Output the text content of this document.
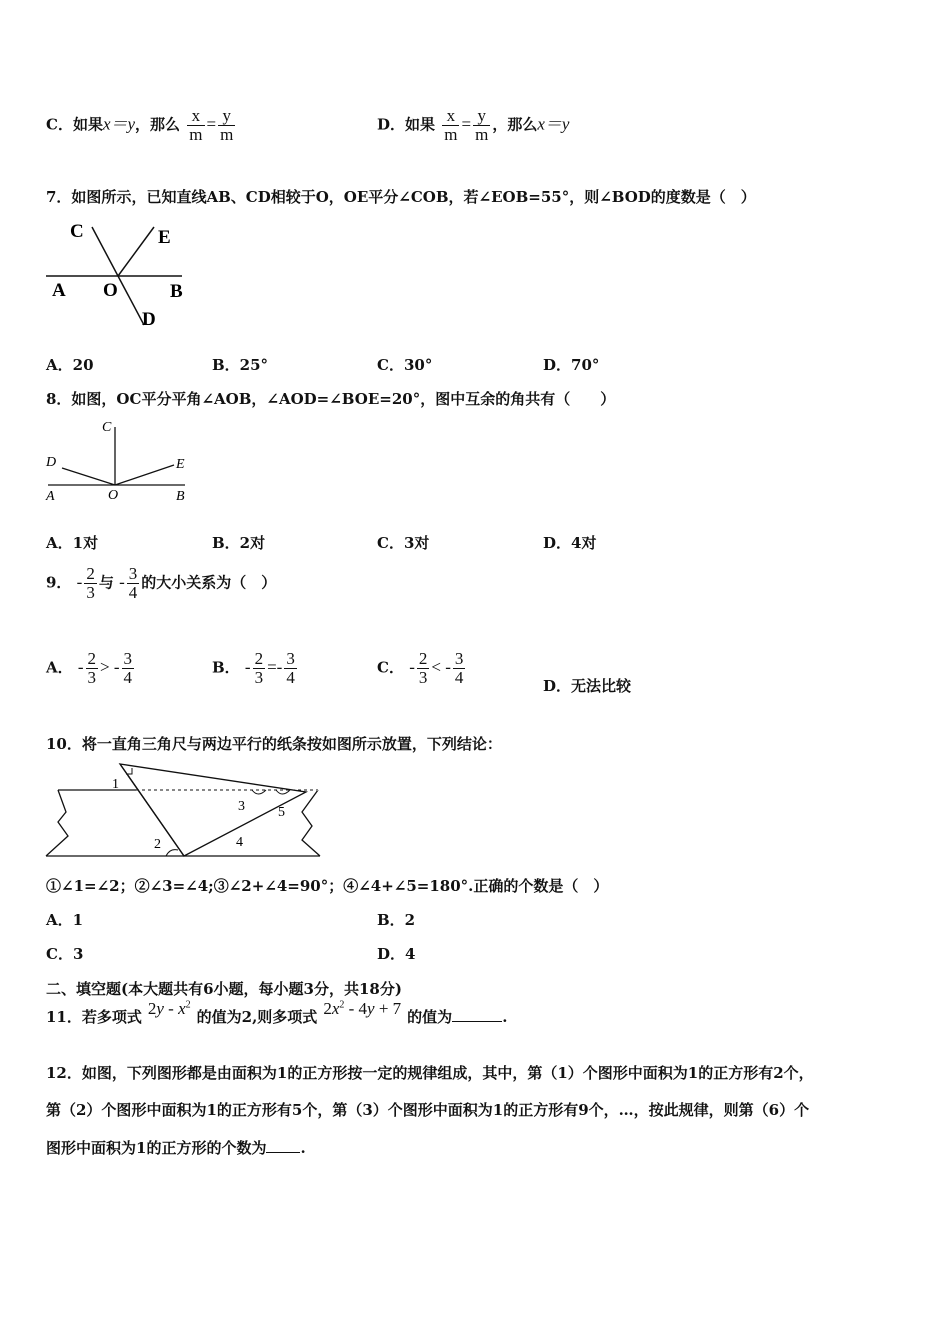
C．如果x＝y，那么 $\frac{x}{m} = \frac{y}{m}$	D．如果 $\frac{x}{m} = \frac{y}{m}$ ，那么x＝y
7．如图所示，已知直线AB、CD相较于O，OE平分∠COB，若∠EOB=55°，则∠BOD的度数是（　）
C	E
A O	B
D
A．20	B．25°	C．30°	D．70°
8．如图，OC平分平角∠AOB，∠AOD=∠BOE=20°，图中互余的角共有（　　）
C
D	E
A	O	B
A．1对	B．2对	C．3对	D．4对
9． - $\frac{2}{3}$ 与 - $\frac{3}{4}$ 的大小关系为（　）
A． - $\frac{2}{3}$ > - $\frac{3}{4}$	B． - $\frac{2}{3} =- \frac{3}{4}$	C． - $\frac{2}{3}$ < - $\frac{3}{4}$	D．无法比较
10．将一直角三角尺与两边平行的纸条按如图所示放置，下列结论：
1
2
3
4
5
①∠1=∠2；②∠3=∠4;③∠2+∠4=90°；④∠4+∠5=180°.正确的个数是（　）
A．1	B．2
C．3	D．4
二、填空题(本大题共有6小题，每小题3分，共18分)
11．若多项式 $2y - x^2$的值为2,则多项式 $2x^2 - 4y + 7$ 的值为	.
12．如图，下列图形都是由面积为1的正方形按一定的规律组成，其中，第（1）个图形中面积为1的正方形有2个，
第（2）个图形中面积为1的正方形有5个，第（3）个图形中面积为1的正方形有9个，…，按此规律，则第（6）个
图形中面积为1的正方形的个数为 .
